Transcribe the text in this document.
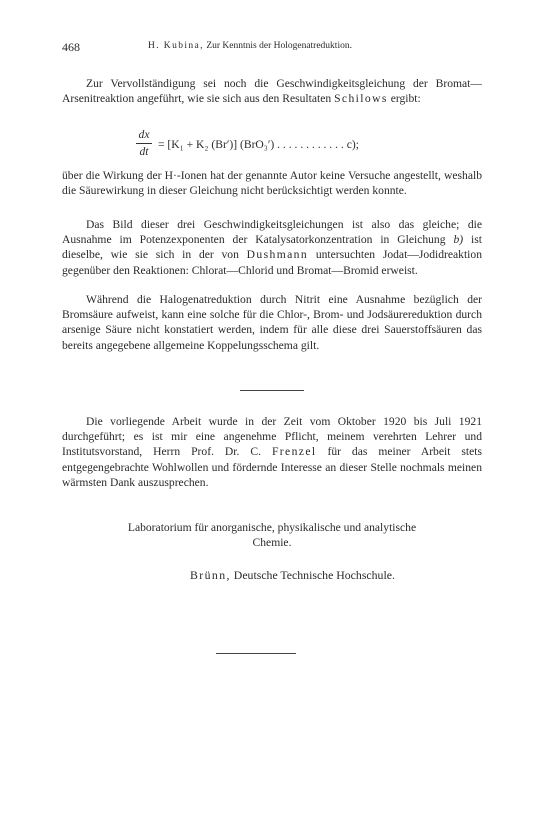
468	H. Kubina, Zur Kenntnis der Hologenatreduktion.

Zur Vervollständigung sei noch die Geschwindigkeitsgleichung der Bromat—Arsenitreaktion angeführt, wie sie sich aus den Resultaten Schilows ergibt:

dx
dt
= [K₁ + K₂ (Br′)] (BrO₃′) . . . . . . . . . . . . c);

über die Wirkung der H·-Ionen hat der genannte Autor keine Versuche angestellt, weshalb die Säurewirkung in dieser Gleichung nicht berücksichtigt werden konnte.

Das Bild dieser drei Geschwindigkeitsgleichungen ist also das gleiche; die Ausnahme im Potenzexponenten der Katalysatorkonzentration in Gleichung b) ist dieselbe, wie sie sich in der von Dushmann untersuchten Jodat—Jodidreaktion gegenüber den Reaktionen: Chlorat—Chlorid und Bromat—Bromid erweist.

Während die Halogenatreduktion durch Nitrit eine Ausnahme bezüglich der Bromsäure aufweist, kann eine solche für die Chlor-, Brom- und Jodsäurereduktion durch arsenige Säure nicht konstatiert werden, indem für alle diese drei Sauerstoffsäuren das bereits angegebene allgemeine Koppelungsschema gilt.

Die vorliegende Arbeit wurde in der Zeit vom Oktober 1920 bis Juli 1921 durchgeführt; es ist mir eine angenehme Pflicht, meinem verehrten Lehrer und Institutsvorstand, Herrn Prof. Dr. C. Frenzel für das meiner Arbeit stets entgegengebrachte Wohlwollen und fördernde Interesse an dieser Stelle nochmals meinen wärmsten Dank auszusprechen.

Laboratorium für anorganische, physikalische und analytische
Chemie.
Brünn, Deutsche Technische Hochschule.
